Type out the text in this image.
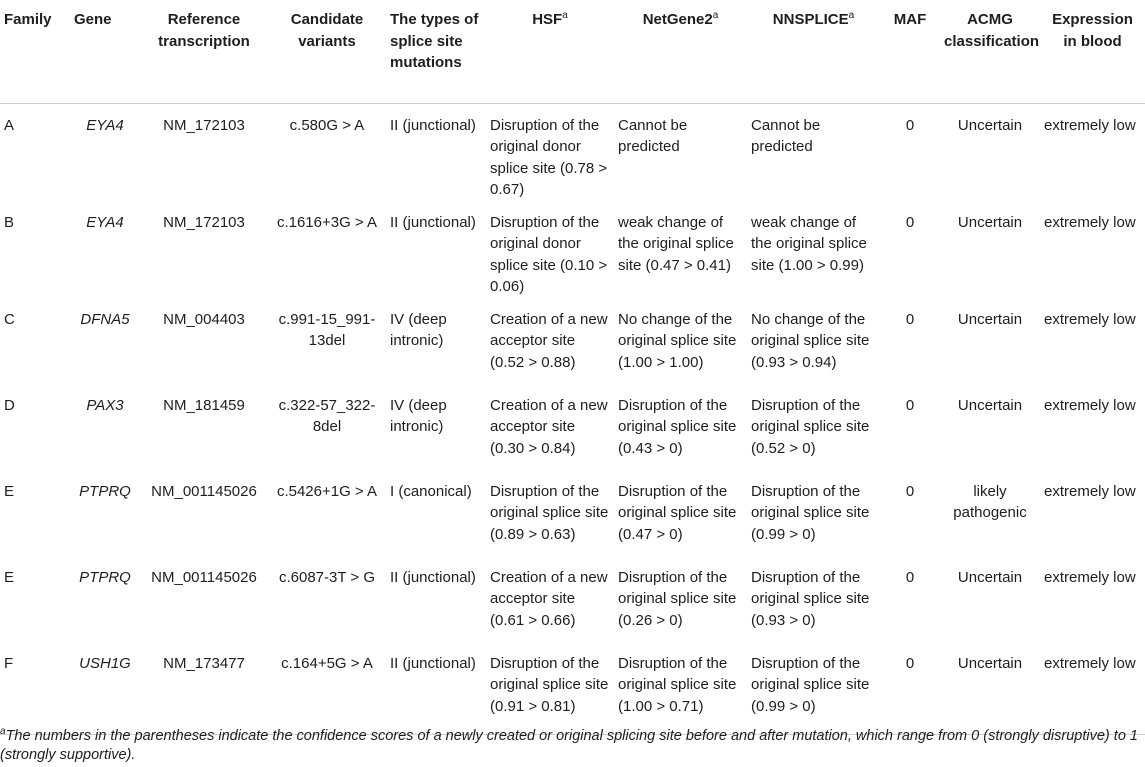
Family	Gene	Reference transcription	Candidate variants	The types of splice site mutations	HSF$^a$	NetGene2$^a$	NNSPLICE$^a$	MAF	ACMG classification	Expression in blood
A	EYA4	NM_172103	c.580G > A	II (junctional)	Disruption of the original donor splice site (0.78 > 0.67)	Cannot be predicted	Cannot be predicted	0	Uncertain	extremely low
B	EYA4	NM_172103	c.1616+3G > A	II (junctional)	Disruption of the original donor splice site (0.10 > 0.06)	weak change of the original splice site (0.47 > 0.41)	weak change of the original splice site (1.00 > 0.99)	0	Uncertain	extremely low
C	DFNA5	NM_004403	c.991-15_991-13del	IV (deep intronic)	Creation of a new acceptor site (0.52 > 0.88)	No change of the original splice site (1.00 > 1.00)	No change of the original splice site (0.93 > 0.94)	0	Uncertain	extremely low
D	PAX3	NM_181459	c.322-57_322-8del	IV (deep intronic)	Creation of a new acceptor site (0.30 > 0.84)	Disruption of the original splice site (0.43 > 0)	Disruption of the original splice site (0.52 > 0)	0	Uncertain	extremely low
E	PTPRQ	NM_001145026	c.5426+1G > A	I (canonical)	Disruption of the original splice site (0.89 > 0.63)	Disruption of the original splice site (0.47 > 0)	Disruption of the original splice site (0.99 > 0)	0	likely pathogenic	extremely low
E	PTPRQ	NM_001145026	c.6087-3T > G	II (junctional)	Creation of a new acceptor site (0.61 > 0.66)	Disruption of the original splice site (0.26 > 0)	Disruption of the original splice site (0.93 > 0)	0	Uncertain	extremely low
F	USH1G	NM_173477	c.164+5G > A	II (junctional)	Disruption of the original splice site (0.91 > 0.81)	Disruption of the original splice site (1.00 > 0.71)	Disruption of the original splice site (0.99 > 0)	0	Uncertain	extremely low
$^a$The numbers in the parentheses indicate the confidence scores of a newly created or original splicing site before and after mutation, which range from 0 (strongly disruptive) to 1 (strongly supportive).
